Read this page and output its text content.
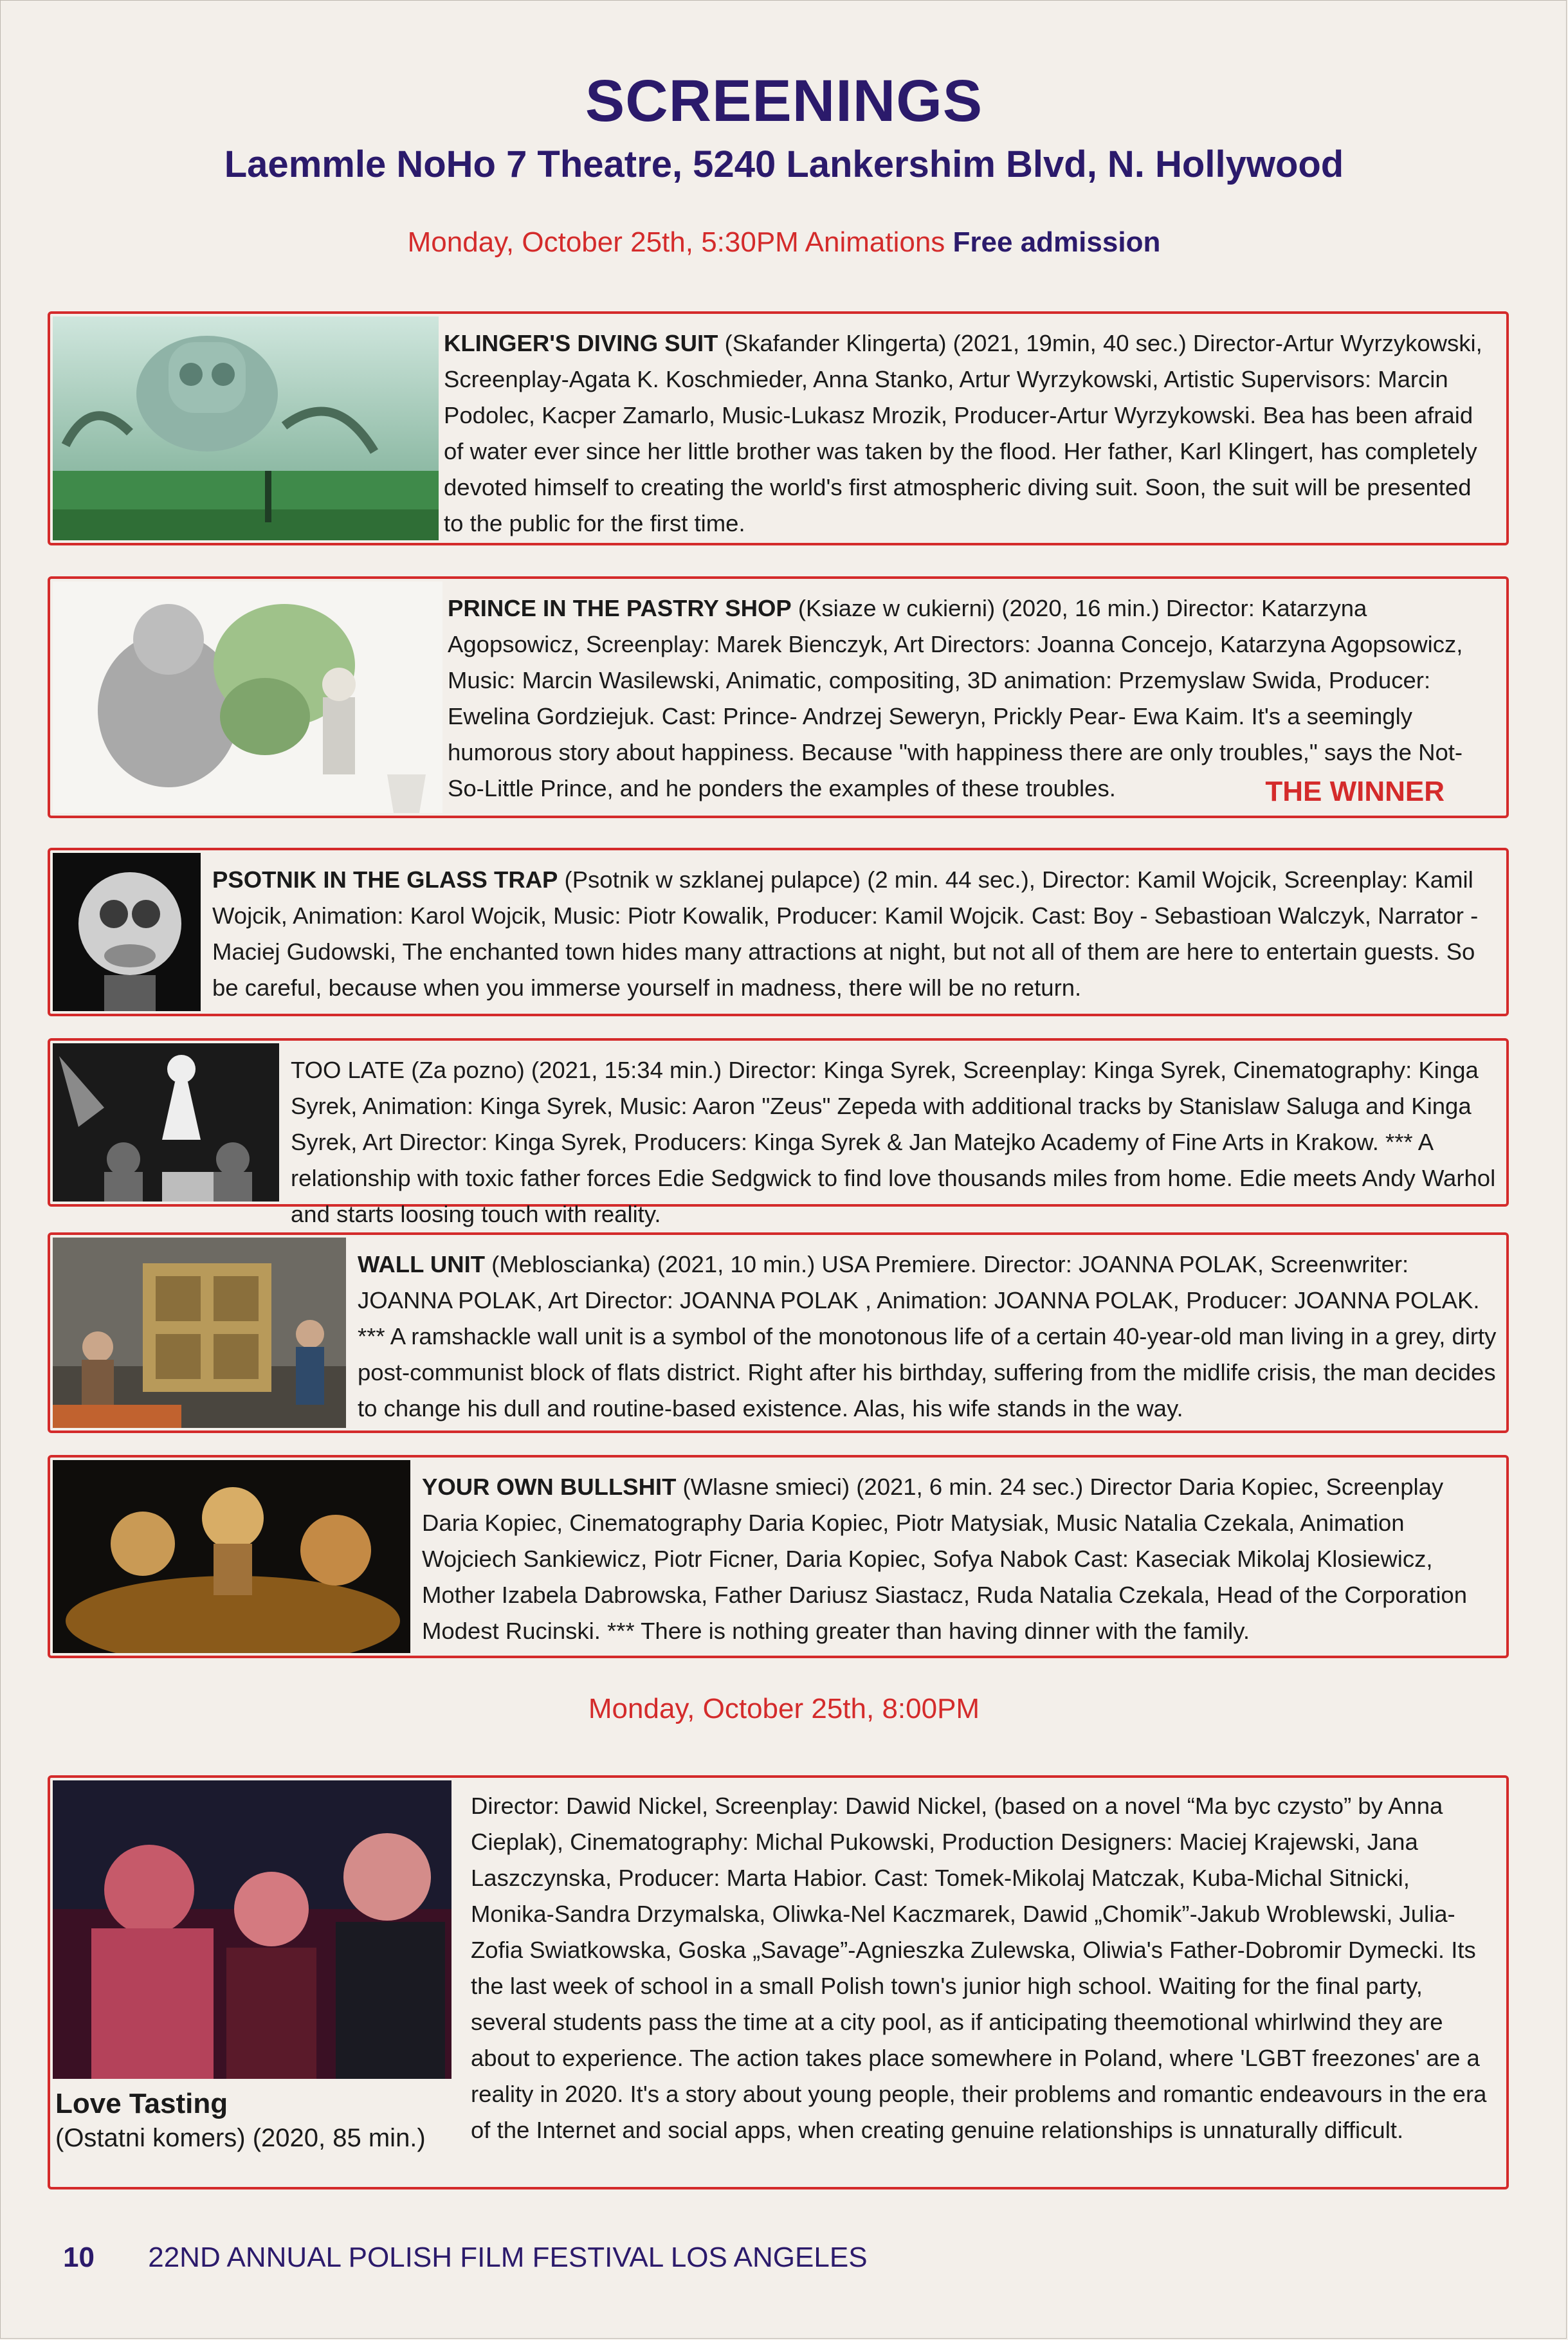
SCREENINGS
Laemmle NoHo 7 Theatre, 5240 Lankershim Blvd, N. Hollywood
Monday, October 25th, 5:30PM Animations Free admission
KLINGER'S DIVING SUIT (Skafander Klingerta) (2021, 19min, 40 sec.) Director-Artur Wyrzykowski, Screenplay-Agata K. Koschmieder, Anna Stanko, Artur Wyrzykowski, Artistic Supervisors: Marcin Podolec, Kacper Zamarlo, Music-Lukasz Mrozik, Producer-Artur Wyrzykowski. Bea has been afraid of water ever since her little brother was taken by the flood. Her father, Karl Klingert, has completely devoted himself to creating the world's first atmospheric diving suit. Soon, the suit will be presented to the public for the first time.
PRINCE IN THE PASTRY SHOP (Ksiaze w cukierni) (2020, 16 min.) Director: Katarzyna Agopsowicz, Screenplay: Marek Bienczyk, Art Directors: Joanna Concejo, Katarzyna Agopsowicz, Music: Marcin Wasilewski, Animatic, compositing, 3D animation: Przemyslaw Swida, Producer: Ewelina Gordziejuk. Cast: Prince- Andrzej Seweryn, Prickly Pear- Ewa Kaim. It's a seemingly humorous story about happiness. Because "with happiness there are only troubles," says the Not-So-Little Prince, and he ponders the examples of these troubles.	THE WINNER
PSOTNIK IN THE GLASS TRAP (Psotnik w szklanej pulapce) (2 min. 44 sec.), Director: Kamil Wojcik, Screenplay: Kamil Wojcik, Animation: Karol Wojcik, Music: Piotr Kowalik, Producer: Kamil Wojcik. Cast: Boy - Sebastioan Walczyk, Narrator - Maciej Gudowski, The enchanted town hides many attractions at night, but not all of them are here to entertain guests. So be careful, because when you immerse yourself in madness, there will be no return.
TOO LATE (Za pozno) (2021, 15:34 min.) Director: Kinga Syrek, Screenplay: Kinga Syrek, Cinematography: Kinga Syrek, Animation: Kinga Syrek, Music: Aaron "Zeus" Zepeda with additional tracks by Stanislaw Saluga and Kinga Syrek, Art Director: Kinga Syrek, Producers: Kinga Syrek & Jan Matejko Academy of Fine Arts in Krakow. *** A relationship with toxic father forces Edie Sedgwick to find love thousands miles from home. Edie meets Andy Warhol and starts loosing touch with reality.
WALL UNIT (Mebloscianka) (2021, 10 min.) USA Premiere. Director: JOANNA POLAK, Screenwriter: JOANNA POLAK, Art Director: JOANNA POLAK , Animation: JOANNA POLAK, Producer: JOANNA POLAK. *** A ramshackle wall unit is a symbol of the monotonous life of a certain 40-year-old man living in a grey, dirty post-communist block of flats district. Right after his birthday, suffering from the midlife crisis, the man decides to change his dull and routine-based existence. Alas, his wife stands in the way.
YOUR OWN BULLSHIT (Wlasne smieci) (2021, 6 min. 24 sec.) Director Daria Kopiec, Screenplay Daria Kopiec, Cinematography Daria Kopiec, Piotr Matysiak, Music Natalia Czekala, Animation Wojciech Sankiewicz, Piotr Ficner, Daria Kopiec, Sofya Nabok Cast: Kaseciak Mikolaj Klosiewicz, Mother Izabela Dabrowska, Father Dariusz Siastacz, Ruda Natalia Czekala, Head of the Corporation Modest Rucinski. *** There is nothing greater than having dinner with the family.
Monday, October 25th, 8:00PM
Director: Dawid Nickel, Screenplay: Dawid Nickel, (based on a novel “Ma byc czysto” by Anna Cieplak), Cinematography: Michal Pukowski, Production Designers: Maciej Krajewski, Jana Laszczynska, Producer: Marta Habior. Cast: Tomek-Mikolaj Matczak, Kuba-Michal Sitnicki, Monika-Sandra Drzymalska, Oliwka-Nel Kaczmarek, Dawid „Chomik”-Jakub Wroblewski, Julia-Zofia Swiatkowska, Goska „Savage”-Agnieszka Zulewska, Oliwia's Father-Dobromir Dymecki. Its the last week of school in a small Polish town's junior high school. Waiting for the final party, several students pass the time at a city pool, as if anticipating theemotional whirlwind they are about to experience. The action takes place somewhere in Poland, where 'LGBT freezones' are a reality in 2020. It's a story about young people, their problems and romantic endeavours in the era of the Internet and social apps, when creating genuine relationships is unnaturally difficult.
Love Tasting
(Ostatni komers) (2020, 85 min.)
10 22ND ANNUAL POLISH FILM FESTIVAL LOS ANGELES
